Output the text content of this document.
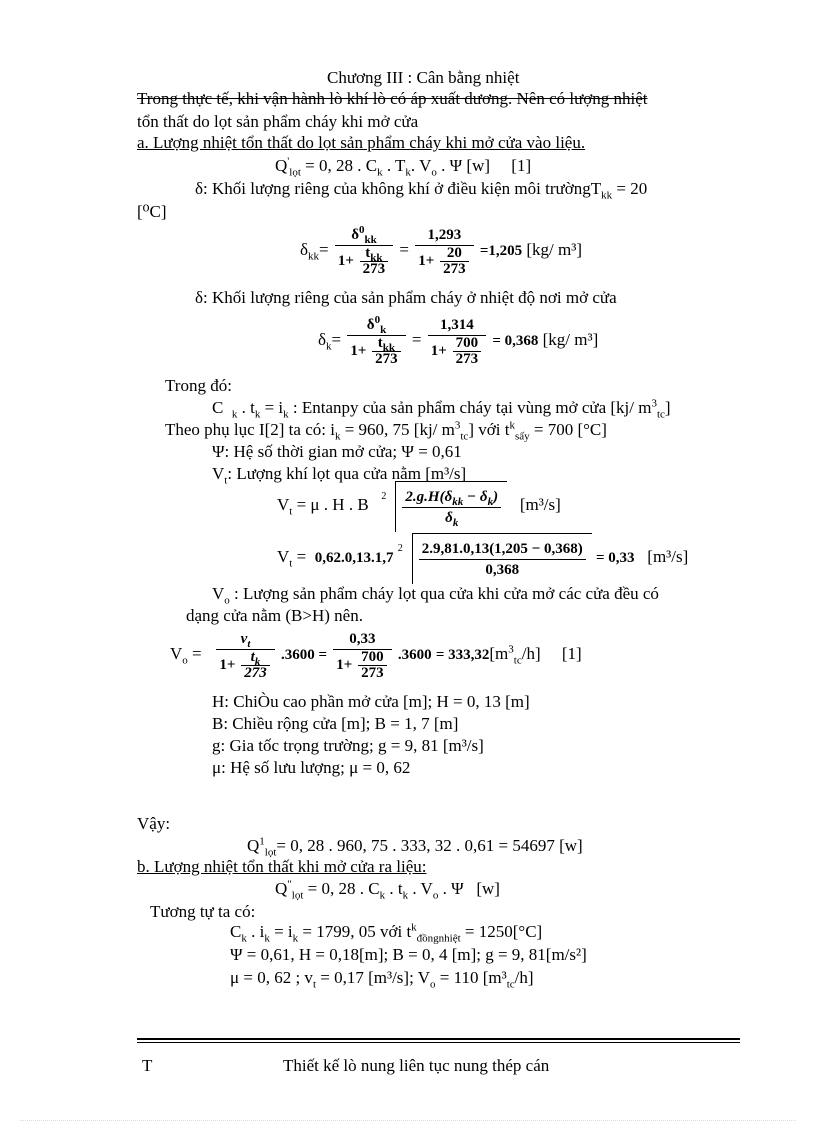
Chương III : Cân bằng nhiệt
Trong thực tế, khi vận hành lò khí lò có áp xuất dương. Nên có lượng nhiệt
tổn thất do lọt sản phẩm cháy khi mở cửa
a. Lượng nhiệt tổn thất do lọt sản phẩm cháy khi mở cửa vào liệu.
$Q'_{lọt} = 0$, 28 . $C_k$ . $T_k$. $V_o$ . Ψ [w]     [1]
δ: Khối lượng riêng của không khí ở điều kiện môi trườngT$_{kk}$ = 20
[⁰C]
$\delta_{kk}= \frac{\delta^0_{kk}}{1+ \frac{t_{kk}}{273}} = \frac{1,293}{1+ \frac{20}{273}} =1,205$ [kg/ m³]
δ: Khối lượng riêng của sản phẩm cháy ở nhiệt độ nơi mở cửa
$\delta_k= \frac{\delta^0_k}{1+ \frac{t_{kk}}{273}} = \frac{1,314}{1+ \frac{700}{273}} = 0,368$ [kg/ m³]
Trong đó:
C  $_k$ . $t_k = i_k$ : Entanpy của sản phẩm cháy tại vùng mở cửa [kj/ $m^3_{tc}$]
Theo phụ lục I[2] ta có: $i_k = 960$, 75 [kj/ $m^3_{tc}$] với $t^k_{sấy} = 700$ [°C]
Ψ: Hệ số thời gian mở cửa; Ψ = 0,61
$V_t$: Lượng khí lọt qua cửa nằm [m³/s]
$V_t = \mu$ . H . B $2 \frac{2.g.H(\delta_{kk} - \delta_k)}{\delta_k} [m^3/s]$
$V_t = 0,62.0,13.1,7$
$2 \frac{2.9,81.0,13(1,205 - 0,368)}{0,368} = 0,33$ [m³/s]
$V_o$ : Lượng sản phẩm cháy lọt qua cửa khi cửa mở các cửa đều có
dạng cửa nằm (B>H) nên.
$V_o = \frac{v_t}{1+ \frac{t_k}{273}} .3600 = \frac{0,33}{1+ \frac{700}{273}} .3600 = 333,32[m^3_{tc}/h]$ [1]
H: ChiÒu cao phần mở cửa [m]; H = 0, 13 [m]
B: Chiều rộng cửa [m]; B = 1, 7 [m]
g: Gia tốc trọng trường; g = 9, 81 [m³/s]
μ: Hệ số lưu lượng; μ = 0, 62
Vậy:
$Q^1_{lọt}= 0$, 28 . 960, 75 . 333, 32 . 0,61 = 54697 [w]
b. Lượng nhiệt tổn thất khi mở cửa ra liệu:
$Q^"_{lọt} = 0$, 28 . $C_k$ . $t_k$ . $V_o$ . Ψ   [w]
Tương tự ta có:
$C_k$ . $i_k = i_k = 1799$, 05 với $t^k_{đồngnhiệt} = 1250[^\circ C]$
Ψ = 0,61, H = 0,18[m]; B = 0, 4 [m]; g = 9, 81[m/s²]
μ = 0, 62 ; $v_t = 0,17$ [m³/s]; $V_o = 110$ $[m^3_{tc}/h]$
T	Thiết kế lò nung liên tục nung thép cán
